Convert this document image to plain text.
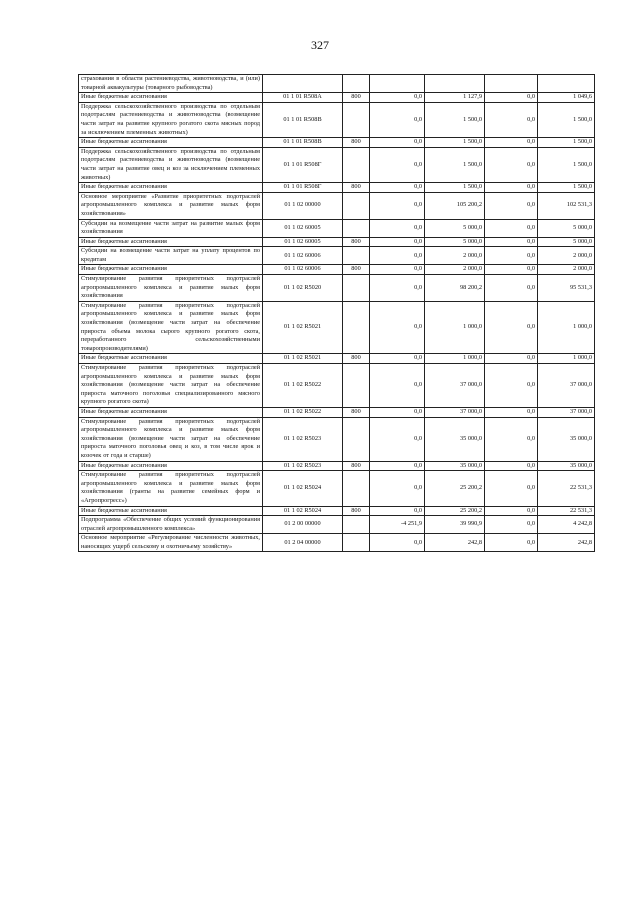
327
страхования в области растениеводства, животноводства, и (или) товарной аквакультуры (товарного рыбоводства)						
Иные бюджетные ассигнования	01 1 01 R508А	800	0,0	1 127,9	0,0	1 049,6
Поддержка сельскохозяйственного производства по отдельным подотраслям растениеводства и животноводства (возмещение части затрат на развитие крупного рогатого скота мясных пород за исключением племенных животных)	01 1 01 R508В		0,0	1 500,0	0,0	1 500,0
Иные бюджетные ассигнования	01 1 01 R508В	800	0,0	1 500,0	0,0	1 500,0
Поддержка сельскохозяйственного производства по отдельным подотраслям растениеводства и животноводства (возмещение части затрат на развитие овец и коз за исключением племенных животных)	01 1 01 R508Г		0,0	1 500,0	0,0	1 500,0
Иные бюджетные ассигнования	01 1 01 R508Г	800	0,0	1 500,0	0,0	1 500,0
Основное мероприятие «Развитие приоритетных подотраслей агропромышленного комплекса и развитие малых форм хозяйствования»	01 1 02 00000		0,0	105 200,2	0,0	102 531,3
Субсидии на возмещение части затрат на развитие малых форм хозяйствования	01 1 02 60005		0,0	5 000,0	0,0	5 000,0
Иные бюджетные ассигнования	01 1 02 60005	800	0,0	5 000,0	0,0	5 000,0
Субсидии на возмещение части затрат на уплату процентов по кредитам	01 1 02 60006		0,0	2 000,0	0,0	2 000,0
Иные бюджетные ассигнования	01 1 02 60006	800	0,0	2 000,0	0,0	2 000,0
Стимулирование развития приоритетных подотраслей агропромышленного комплекса и развитие малых форм хозяйствования	01 1 02 R5020		0,0	98 200,2	0,0	95 531,3
Стимулирование развития приоритетных подотраслей агропромышленного комплекса и развитие малых форм хозяйствования (возмещение части затрат на обеспечение прироста объема молока сырого крупного рогатого скота, переработанного сельскохозяйственными товаропроизводителями)	01 1 02 R5021		0,0	1 000,0	0,0	1 000,0
Иные бюджетные ассигнования	01 1 02 R5021	800	0,0	1 000,0	0,0	1 000,0
Стимулирование развития приоритетных подотраслей агропромышленного комплекса и развитие малых форм хозяйствования (возмещение части затрат на обеспечение прироста маточного поголовья специализированного мясного крупного рогатого скота)	01 1 02 R5022		0,0	37 000,0	0,0	37 000,0
Иные бюджетные ассигнования	01 1 02 R5022	800	0,0	37 000,0	0,0	37 000,0
Стимулирование развития приоритетных подотраслей агропромышленного комплекса и развитие малых форм хозяйствования (возмещение части затрат на обеспечение прироста маточного поголовья овец и коз, в том числе ярок и козочек от года и старше)	01 1 02 R5023		0,0	35 000,0	0,0	35 000,0
Иные бюджетные ассигнования	01 1 02 R5023	800	0,0	35 000,0	0,0	35 000,0
Стимулирование развития приоритетных подотраслей агропромышленного комплекса и развитие малых форм хозяйствования (гранты на развитие семейных форм и «Агропрогресс»)	01 1 02 R5024		0,0	25 200,2	0,0	22 531,3
Иные бюджетные ассигнования	01 1 02 R5024	800	0,0	25 200,2	0,0	22 531,3
Подпрограмма «Обеспечение общих условий функционирования отраслей агропромышленного комплекса»	01 2 00 00000		-4 251,9	39 990,9	0,0	4 242,8
Основное мероприятие «Регулирование численности животных, наносящих ущерб сельскому и охотничьему хозяйству»	01 2 04 00000		0,0	242,8	0,0	242,8
